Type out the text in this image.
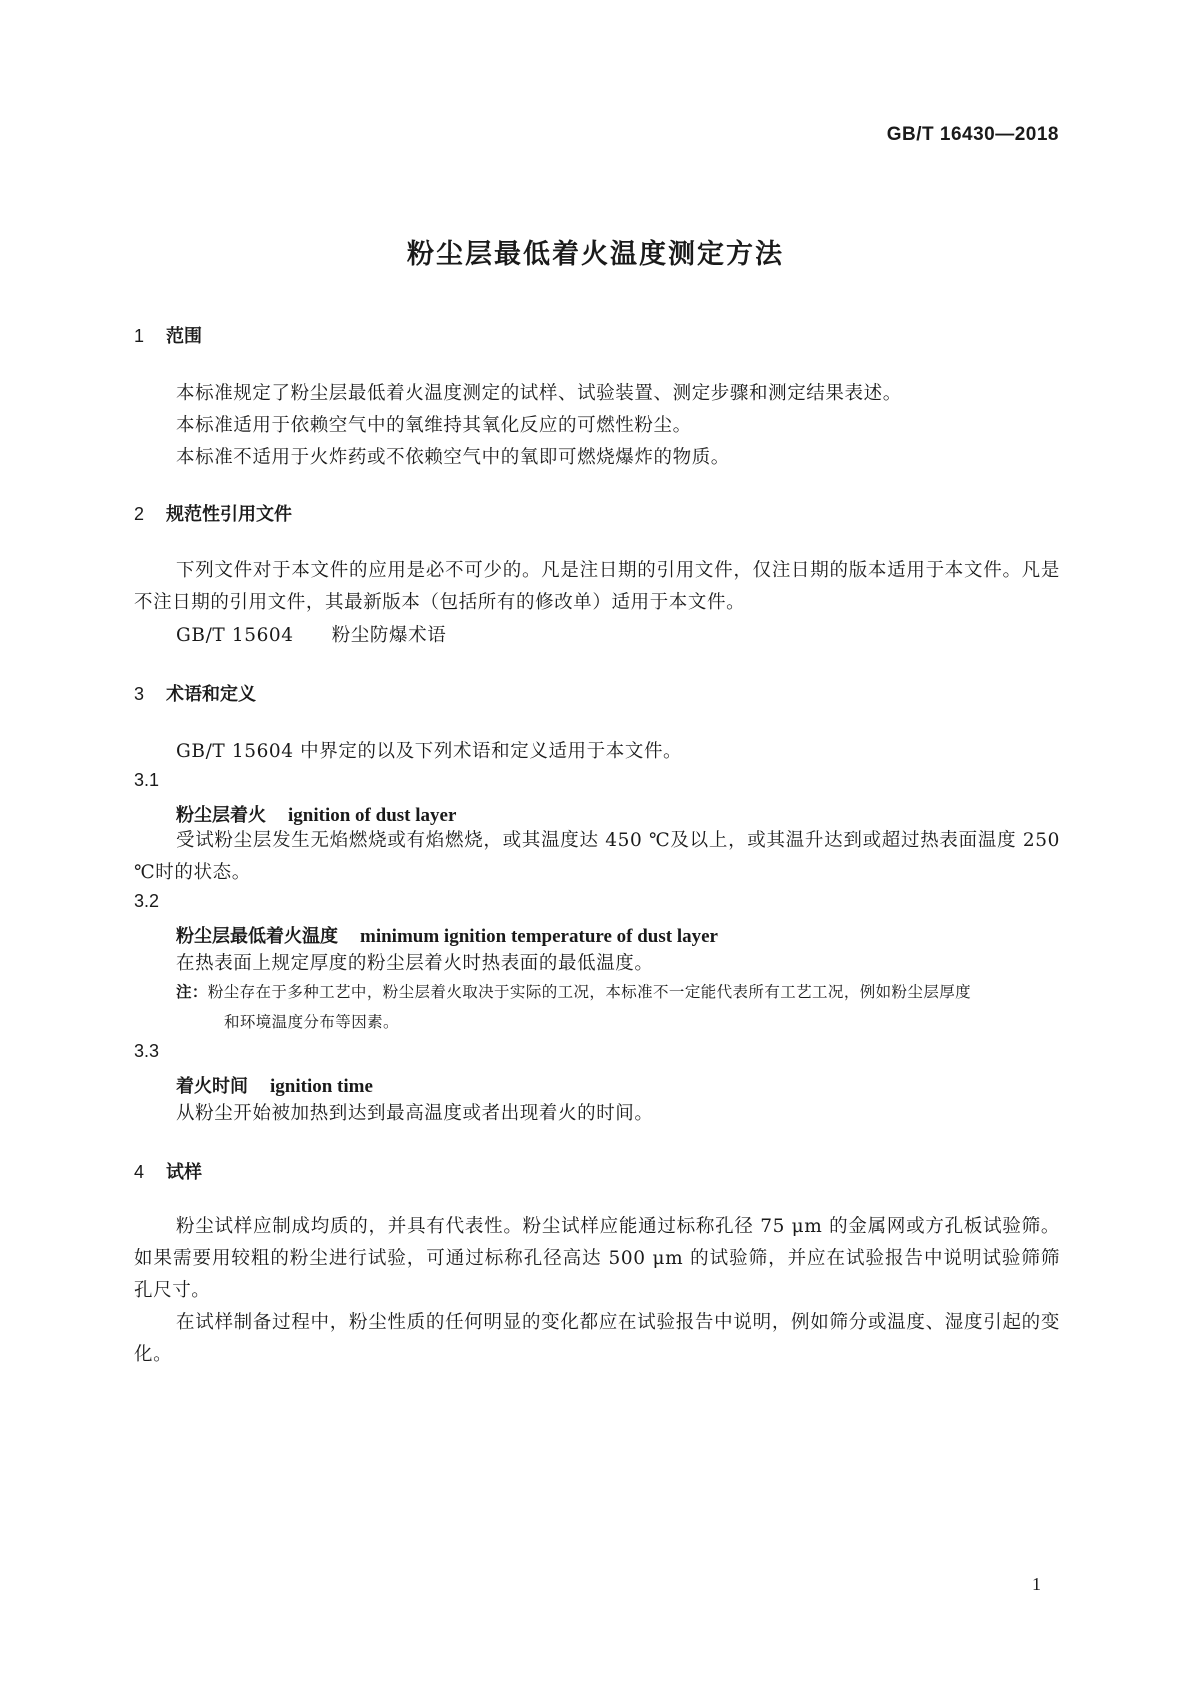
GB/T 16430—2018
粉尘层最低着火温度测定方法
1 范围
本标准规定了粉尘层最低着火温度测定的试样、试验装置、测定步骤和测定结果表述。
本标准适用于依赖空气中的氧维持其氧化反应的可燃性粉尘。
本标准不适用于火炸药或不依赖空气中的氧即可燃烧爆炸的物质。
2 规范性引用文件
下列文件对于本文件的应用是必不可少的。凡是注日期的引用文件，仅注日期的版本适用于本文件。凡是不注日期的引用文件，其最新版本（包括所有的修改单）适用于本文件。
GB/T 15604 粉尘防爆术语
3 术语和定义
GB/T 15604 中界定的以及下列术语和定义适用于本文件。
3.1
粉尘层着火 ignition of dust layer
受试粉尘层发生无焰燃烧或有焰燃烧，或其温度达 450 ℃及以上，或其温升达到或超过热表面温度 250 ℃时的状态。
3.2
粉尘层最低着火温度 minimum ignition temperature of dust layer
在热表面上规定厚度的粉尘层着火时热表面的最低温度。
注：粉尘存在于多种工艺中，粉尘层着火取决于实际的工况，本标准不一定能代表所有工艺工况，例如粉尘层厚度
和环境温度分布等因素。
3.3
着火时间 ignition time
从粉尘开始被加热到达到最高温度或者出现着火的时间。
4 试样
粉尘试样应制成均质的，并具有代表性。粉尘试样应能通过标称孔径 75 μm 的金属网或方孔板试验筛。如果需要用较粗的粉尘进行试验，可通过标称孔径高达 500 μm 的试验筛，并应在试验报告中说明试验筛筛孔尺寸。
在试样制备过程中，粉尘性质的任何明显的变化都应在试验报告中说明，例如筛分或温度、湿度引起的变化。
1
